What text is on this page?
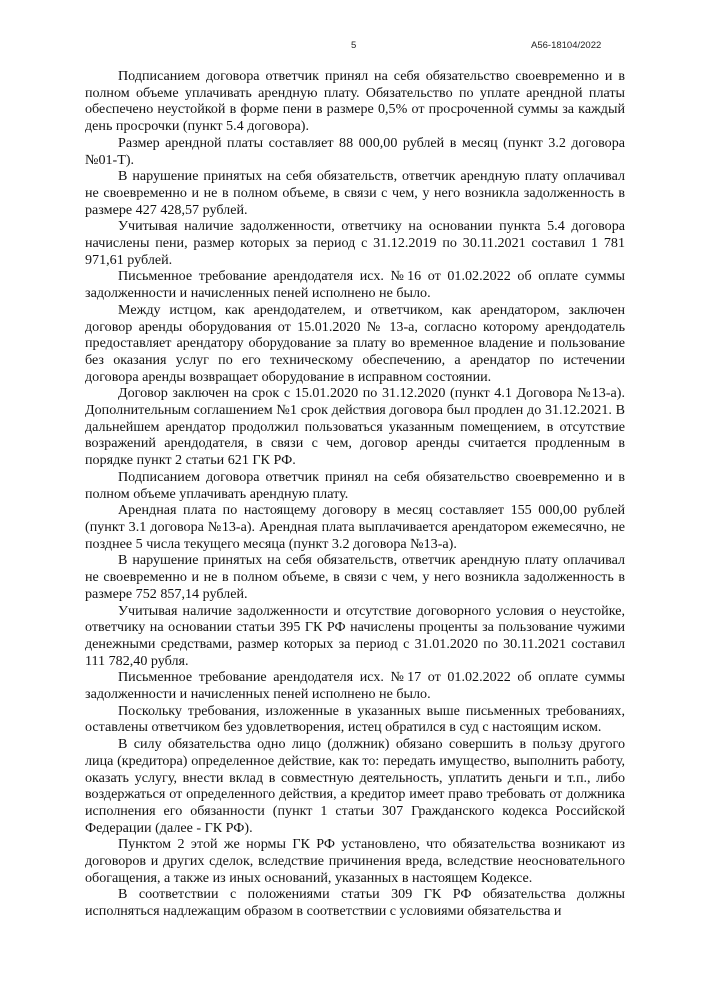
5	А56-18104/2022

Подписанием договора ответчик принял на себя обязательство своевременно и в полном объеме уплачивать арендную плату. Обязательство по уплате арендной платы обеспечено неустойкой в форме пени в размере 0,5% от просроченной суммы за каждый день просрочки (пункт 5.4 договора).

Размер арендной платы составляет 88 000,00 рублей в месяц (пункт 3.2 договора №01-Т).

В нарушение принятых на себя обязательств, ответчик арендную плату оплачивал не своевременно и не в полном объеме, в связи с чем, у него возникла задолженность в размере 427 428,57 рублей.

Учитывая наличие задолженности, ответчику на основании пункта 5.4 договора начислены пени, размер которых за период с 31.12.2019 по 30.11.2021 составил 1 781 971,61 рублей.

Письменное требование арендодателя исх. №16 от 01.02.2022 об оплате суммы задолженности и начисленных пеней исполнено не было.

Между истцом, как арендодателем, и ответчиком, как арендатором, заключен договор аренды оборудования от 15.01.2020 № 13-а, согласно которому арендодатель предоставляет арендатору оборудование за плату во временное владение и пользование без оказания услуг по его техническому обеспечению, а арендатор по истечении договора аренды возвращает оборудование в исправном состоянии.

Договор заключен на срок с 15.01.2020 по 31.12.2020 (пункт 4.1 Договора №13-а). Дополнительным соглашением №1 срок действия договора был продлен до 31.12.2021. В дальнейшем арендатор продолжил пользоваться указанным помещением, в отсутствие возражений арендодателя, в связи с чем, договор аренды считается продленным в порядке пункт 2 статьи 621 ГК РФ.

Подписанием договора ответчик принял на себя обязательство своевременно и в полном объеме уплачивать арендную плату.

Арендная плата по настоящему договору в месяц составляет 155 000,00 рублей (пункт 3.1 договора №13-а). Арендная плата выплачивается арендатором ежемесячно, не позднее 5 числа текущего месяца (пункт 3.2 договора №13-а).

В нарушение принятых на себя обязательств, ответчик арендную плату оплачивал не своевременно и не в полном объеме, в связи с чем, у него возникла задолженность в размере 752 857,14 рублей.

Учитывая наличие задолженности и отсутствие договорного условия о неустойке, ответчику на основании статьи 395 ГК РФ начислены проценты за пользование чужими денежными средствами, размер которых за период с 31.01.2020 по 30.11.2021 составил 111 782,40 рубля.

Письменное требование арендодателя исх. №17 от 01.02.2022 об оплате суммы задолженности и начисленных пеней исполнено не было.

Поскольку требования, изложенные в указанных выше письменных требованиях, оставлены ответчиком без удовлетворения, истец обратился в суд с настоящим иском.

В силу обязательства одно лицо (должник) обязано совершить в пользу другого лица (кредитора) определенное действие, как то: передать имущество, выполнить работу, оказать услугу, внести вклад в совместную деятельность, уплатить деньги и т.п., либо воздержаться от определенного действия, а кредитор имеет право требовать от должника исполнения его обязанности (пункт 1 статьи 307 Гражданского кодекса Российской Федерации (далее - ГК РФ).

Пунктом 2 этой же нормы ГК РФ установлено, что обязательства возникают из договоров и других сделок, вследствие причинения вреда, вследствие неосновательного обогащения, а также из иных оснований, указанных в настоящем Кодексе.

В соответствии с положениями статьи 309 ГК РФ обязательства должны исполняться надлежащим образом в соответствии с условиями обязательства и
